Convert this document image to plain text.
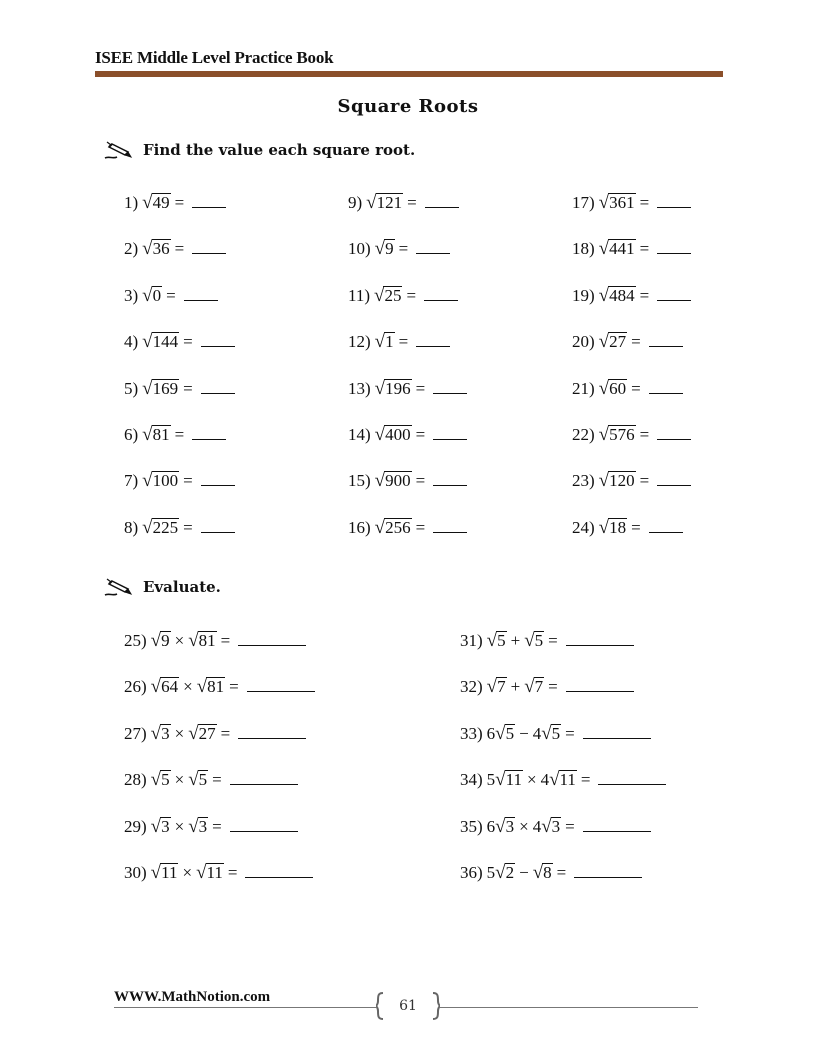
ISEE Middle Level Practice Book
Square Roots
Find the value each square root.
1) √ 49 =
2) √ 36 =
3) √ 0 =
4) √ 144 =
5) √ 169 =
6) √ 81 =
7) √ 100 =
8) √ 225 =
9) √ 121 =
10) √ 9 =
11) √ 25 =
12) √ 1 =
13) √ 196 =
14) √ 400 =
15) √ 900 =
16) √ 256 =
17) √ 361 =
18) √ 441 =
19) √ 484 =
20) √ 27 =
21) √ 60 =
22) √ 576 =
23) √ 120 =
24) √ 18 =
Evaluate.
25) √ 9 × √ 81 =
26) √ 64 × √ 81 =
27) √ 3 × √ 27 =
28) √ 5 × √ 5 =
29) √ 3 × √ 3 =
30) √ 11 × √ 11 =
31) √ 5 + √ 5 =
32) √ 7 + √ 7 =
33) 6 √ 5 − 4 √ 5 =
34) 5 √ 11 × 4 √ 11 =
35) 6 √ 3 × 4 √ 3 =
36) 5 √ 2 − √ 8 =
WWW.MathNotion.com
61
